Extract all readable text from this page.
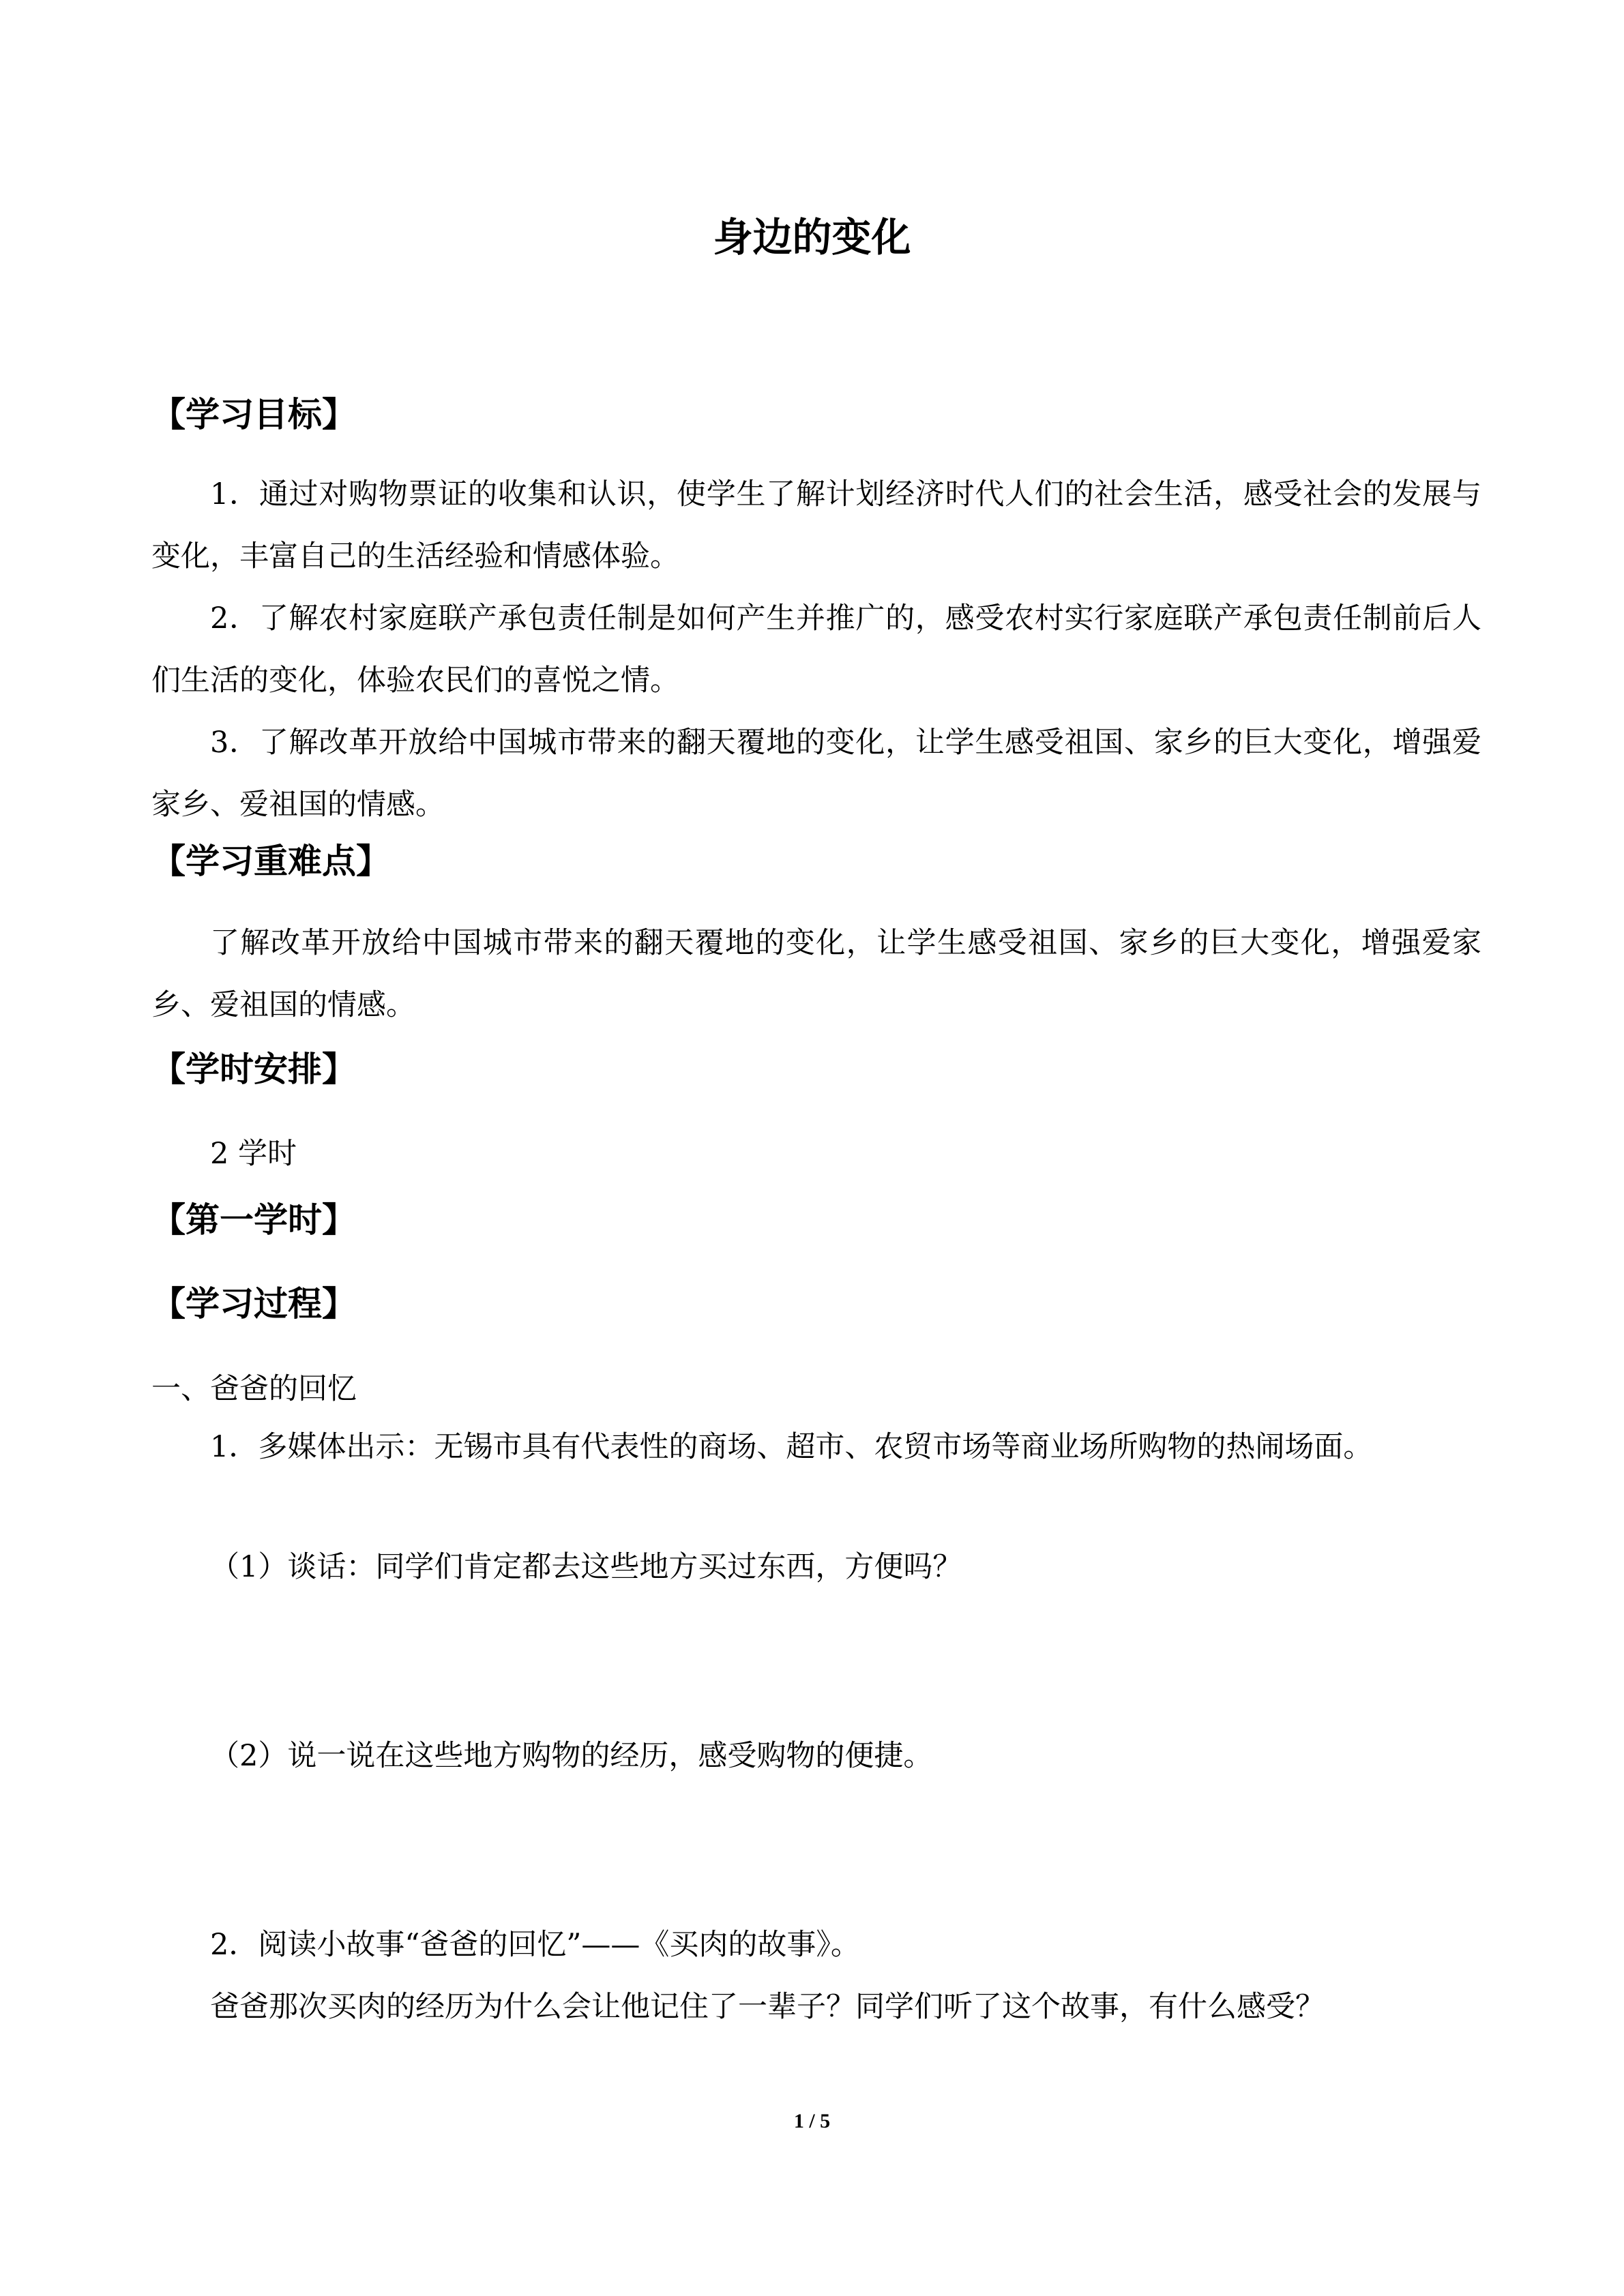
身边的变化
【学习目标】
1．通过对购物票证的收集和认识，使学生了解计划经济时代人们的社会生活，感受社会的发展与变化，丰富自己的生活经验和情感体验。
2．了解农村家庭联产承包责任制是如何产生并推广的，感受农村实行家庭联产承包责任制前后人们生活的变化，体验农民们的喜悦之情。
3．了解改革开放给中国城市带来的翻天覆地的变化，让学生感受祖国、家乡的巨大变化，增强爱家乡、爱祖国的情感。
【学习重难点】
了解改革开放给中国城市带来的翻天覆地的变化，让学生感受祖国、家乡的巨大变化，增强爱家乡、爱祖国的情感。
【学时安排】
2 学时
【第一学时】
【学习过程】
一、爸爸的回忆
1．多媒体出示：无锡市具有代表性的商场、超市、农贸市场等商业场所购物的热闹场面。
（1）谈话：同学们肯定都去这些地方买过东西，方便吗？
（2）说一说在这些地方购物的经历，感受购物的便捷。
2．阅读小故事“爸爸的回忆”——《买肉的故事》。
爸爸那次买肉的经历为什么会让他记住了一辈子？同学们听了这个故事，有什么感受？
1 / 5
